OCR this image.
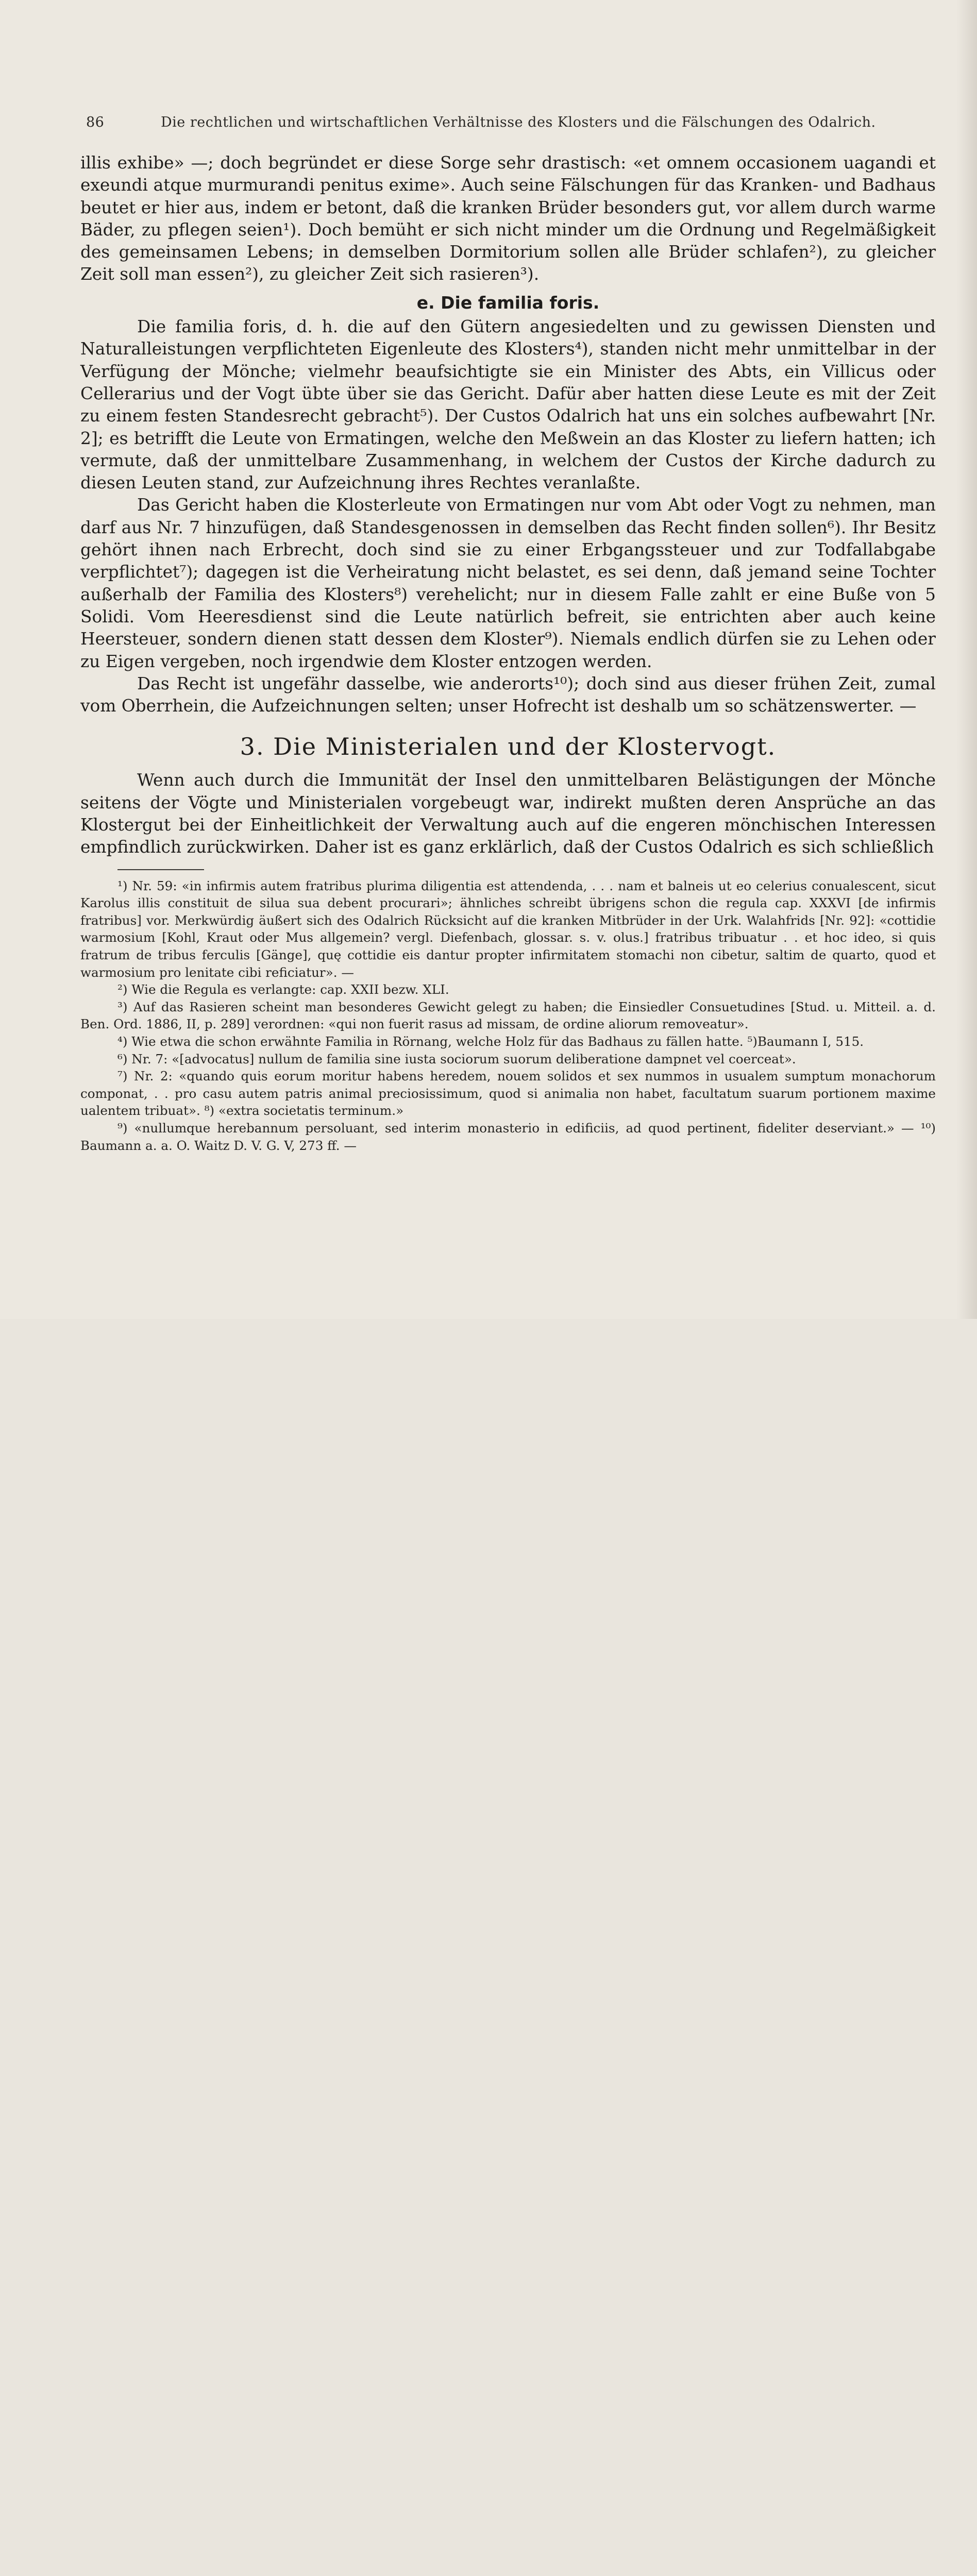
86	Die rechtlichen und wirtschaftlichen Verhältnisse des Klosters und die Fälschungen des Odalrich.

illis exhibe» —; doch begründet er diese Sorge sehr drastisch: «et omnem occasionem uagandi et exeundi atque murmurandi penitus exime». Auch seine Fälschungen für das Kranken- und Badhaus beutet er hier aus, indem er betont, daß die kranken Brüder besonders gut, vor allem durch warme Bäder, zu pflegen seien¹). Doch bemüht er sich nicht minder um die Ordnung und Regelmäßigkeit des gemeinsamen Lebens; in demselben Dormitorium sollen alle Brüder schlafen²), zu gleicher Zeit soll man essen²), zu gleicher Zeit sich rasieren³).

e. Die familia foris.

Die familia foris, d. h. die auf den Gütern angesiedelten und zu gewissen Diensten und Naturalleistungen verpflichteten Eigenleute des Klosters⁴), standen nicht mehr unmittelbar in der Verfügung der Mönche; vielmehr beaufsichtigte sie ein Minister des Abts, ein Villicus oder Cellerarius und der Vogt übte über sie das Gericht. Dafür aber hatten diese Leute es mit der Zeit zu einem festen Standesrecht gebracht⁵). Der Custos Odalrich hat uns ein solches aufbewahrt [Nr. 2]; es betrifft die Leute von Ermatingen, welche den Meßwein an das Kloster zu liefern hatten; ich vermute, daß der unmittelbare Zusammenhang, in welchem der Custos der Kirche dadurch zu diesen Leuten stand, zur Aufzeichnung ihres Rechtes veranlaßte.

Das Gericht haben die Klosterleute von Ermatingen nur vom Abt oder Vogt zu nehmen, man darf aus Nr. 7 hinzufügen, daß Standesgenossen in demselben das Recht finden sollen⁶). Ihr Besitz gehört ihnen nach Erbrecht, doch sind sie zu einer Erbgangssteuer und zur Todfallabgabe verpflichtet⁷); dagegen ist die Verheiratung nicht belastet, es sei denn, daß jemand seine Tochter außerhalb der Familia des Klosters⁸) verehelicht; nur in diesem Falle zahlt er eine Buße von 5 Solidi. Vom Heeresdienst sind die Leute natürlich befreit, sie entrichten aber auch keine Heersteuer, sondern dienen statt dessen dem Kloster⁹). Niemals endlich dürfen sie zu Lehen oder zu Eigen vergeben, noch irgendwie dem Kloster entzogen werden.

Das Recht ist ungefähr dasselbe, wie anderorts¹⁰); doch sind aus dieser frühen Zeit, zumal vom Oberrhein, die Aufzeichnungen selten; unser Hofrecht ist deshalb um so schätzenswerter. —

3. Die Ministerialen und der Klostervogt.

Wenn auch durch die Immunität der Insel den unmittelbaren Belästigungen der Mönche seitens der Vögte und Ministerialen vorgebeugt war, indirekt mußten deren Ansprüche an das Klostergut bei der Einheitlichkeit der Verwaltung auch auf die engeren mönchischen Interessen empfindlich zurückwirken. Daher ist es ganz erklärlich, daß der Custos Odalrich es sich schließlich

¹) Nr. 59: «in infirmis autem fratribus plurima diligentia est attendenda, . . . nam et balneis ut eo celerius conualescent, sicut Karolus illis constituit de silua sua debent procurari»; ähnliches schreibt übrigens schon die regula cap. XXXVI [de infirmis fratribus] vor. Merkwürdig äußert sich des Odalrich Rücksicht auf die kranken Mitbrüder in der Urk. Walahfrids [Nr. 92]: «cottidie warmosium [Kohl, Kraut oder Mus allgemein? vergl. Diefenbach, glossar. s. v. olus.] fratribus tribuatur . . et hoc ideo, si quis fratrum de tribus ferculis [Gänge], quę cottidie eis dantur propter infirmitatem stomachi non cibetur, saltim de quarto, quod et warmosium pro lenitate cibi reficiatur». —

²) Wie die Regula es verlangte: cap. XXII bezw. XLI.

³) Auf das Rasieren scheint man besonderes Gewicht gelegt zu haben; die Einsiedler Consuetudines [Stud. u. Mitteil. a. d. Ben. Ord. 1886, II, p. 289] verordnen: «qui non fuerit rasus ad missam, de ordine aliorum removeatur».

⁴) Wie etwa die schon erwähnte Familia in Rörnang, welche Holz für das Badhaus zu fällen hatte. ⁵)Baumann I, 515.

⁶) Nr. 7: «[advocatus] nullum de familia sine iusta sociorum suorum deliberatione dampnet vel coerceat».

⁷) Nr. 2: «quando quis eorum moritur habens heredem, nouem solidos et sex nummos in usualem sumptum monachorum componat, . . pro casu autem patris animal preciosissimum, quod si animalia non habet, facultatum suarum portionem maxime ualentem tribuat». ⁸) «extra societatis terminum.»

⁹) «nullumque herebannum persoluant, sed interim monasterio in edificiis, ad quod pertinent, fideliter deserviant.» — ¹⁰) Baumann a. a. O. Waitz D. V. G. V, 273 ff. —
